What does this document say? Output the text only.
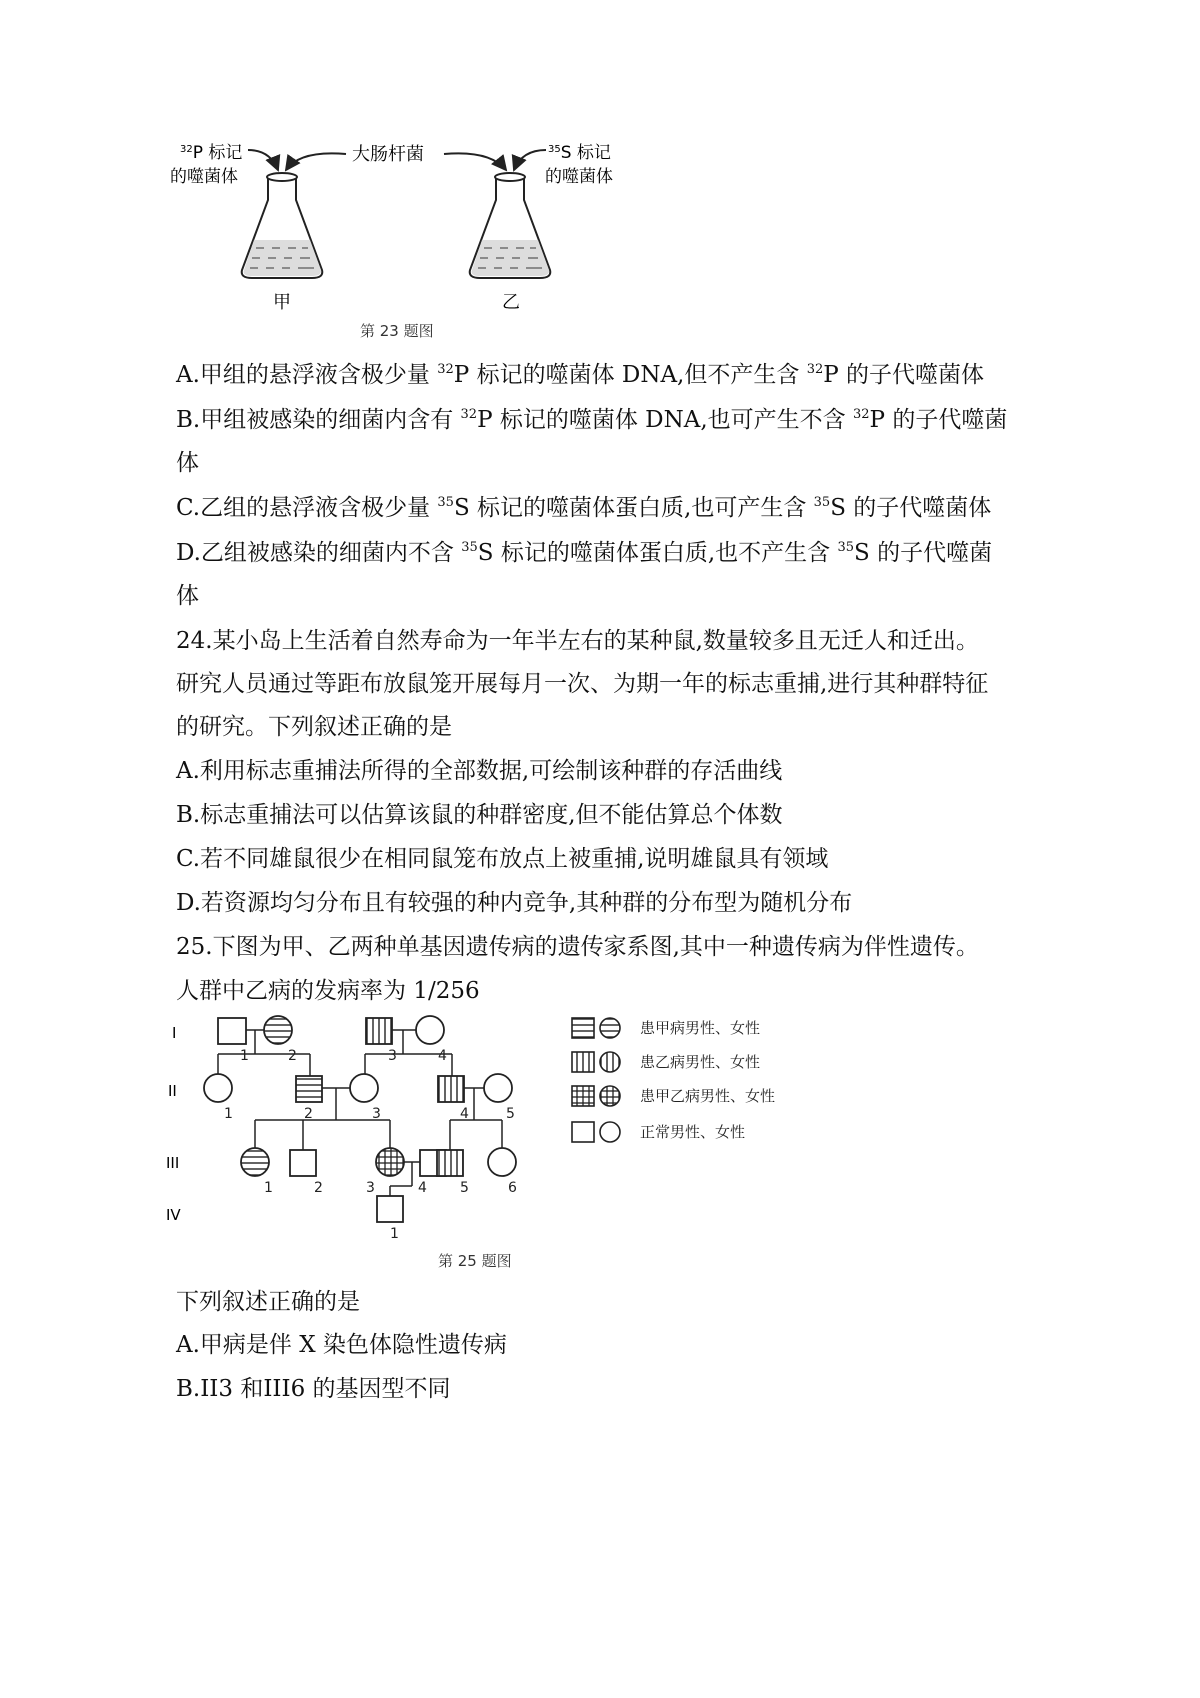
$^{32}$P 标记
的噬菌体
大肠杆菌	$^{35}$S 标记
的噬菌体
甲	乙
第 23 题图
A.甲组的悬浮液含极少量 $^{32}$P 标记的噬菌体 DNA,但不产生含 $^{32}$P 的子代噬菌体
B.甲组被感染的细菌内含有 $^{32}$P 标记的噬菌体 DNA,也可产生不含 $^{32}$P 的子代噬菌
体
C.乙组的悬浮液含极少量 $^{35}$S 标记的噬菌体蛋白质,也可产生含 $^{35}$S 的子代噬菌体
D.乙组被感染的细菌内不含 $^{35}$S 标记的噬菌体蛋白质,也不产生含 $^{35}$S 的子代噬菌
体
24.某小岛上生活着自然寿命为一年半左右的某种鼠,数量较多且无迁人和迁出。
研究人员通过等距布放鼠笼开展每月一次、为期一年的标志重捕,进行其种群特征
的研究。下列叙述正确的是
A.利用标志重捕法所得的全部数据,可绘制该种群的存活曲线
B.标志重捕法可以估算该鼠的种群密度,但不能估算总个体数
C.若不同雄鼠很少在相同鼠笼布放点上被重捕,说明雄鼠具有领域
D.若资源均匀分布且有较强的种内竞争,其种群的分布型为随机分布
25.下图为甲、乙两种单基因遗传病的遗传家系图,其中一种遗传病为伴性遗传。
人群中乙病的发病率为 1/256
I
II
III
IV
1	2	3	4
1	2	3	4	5
1	2	3	4 5	6
1
患甲病男性、女性
患乙病男性、女性
患甲乙病男性、女性
正常男性、女性
第 25 题图
下列叙述正确的是
A.甲病是伴 X 染色体隐性遗传病
B.II3 和III6 的基因型不同
